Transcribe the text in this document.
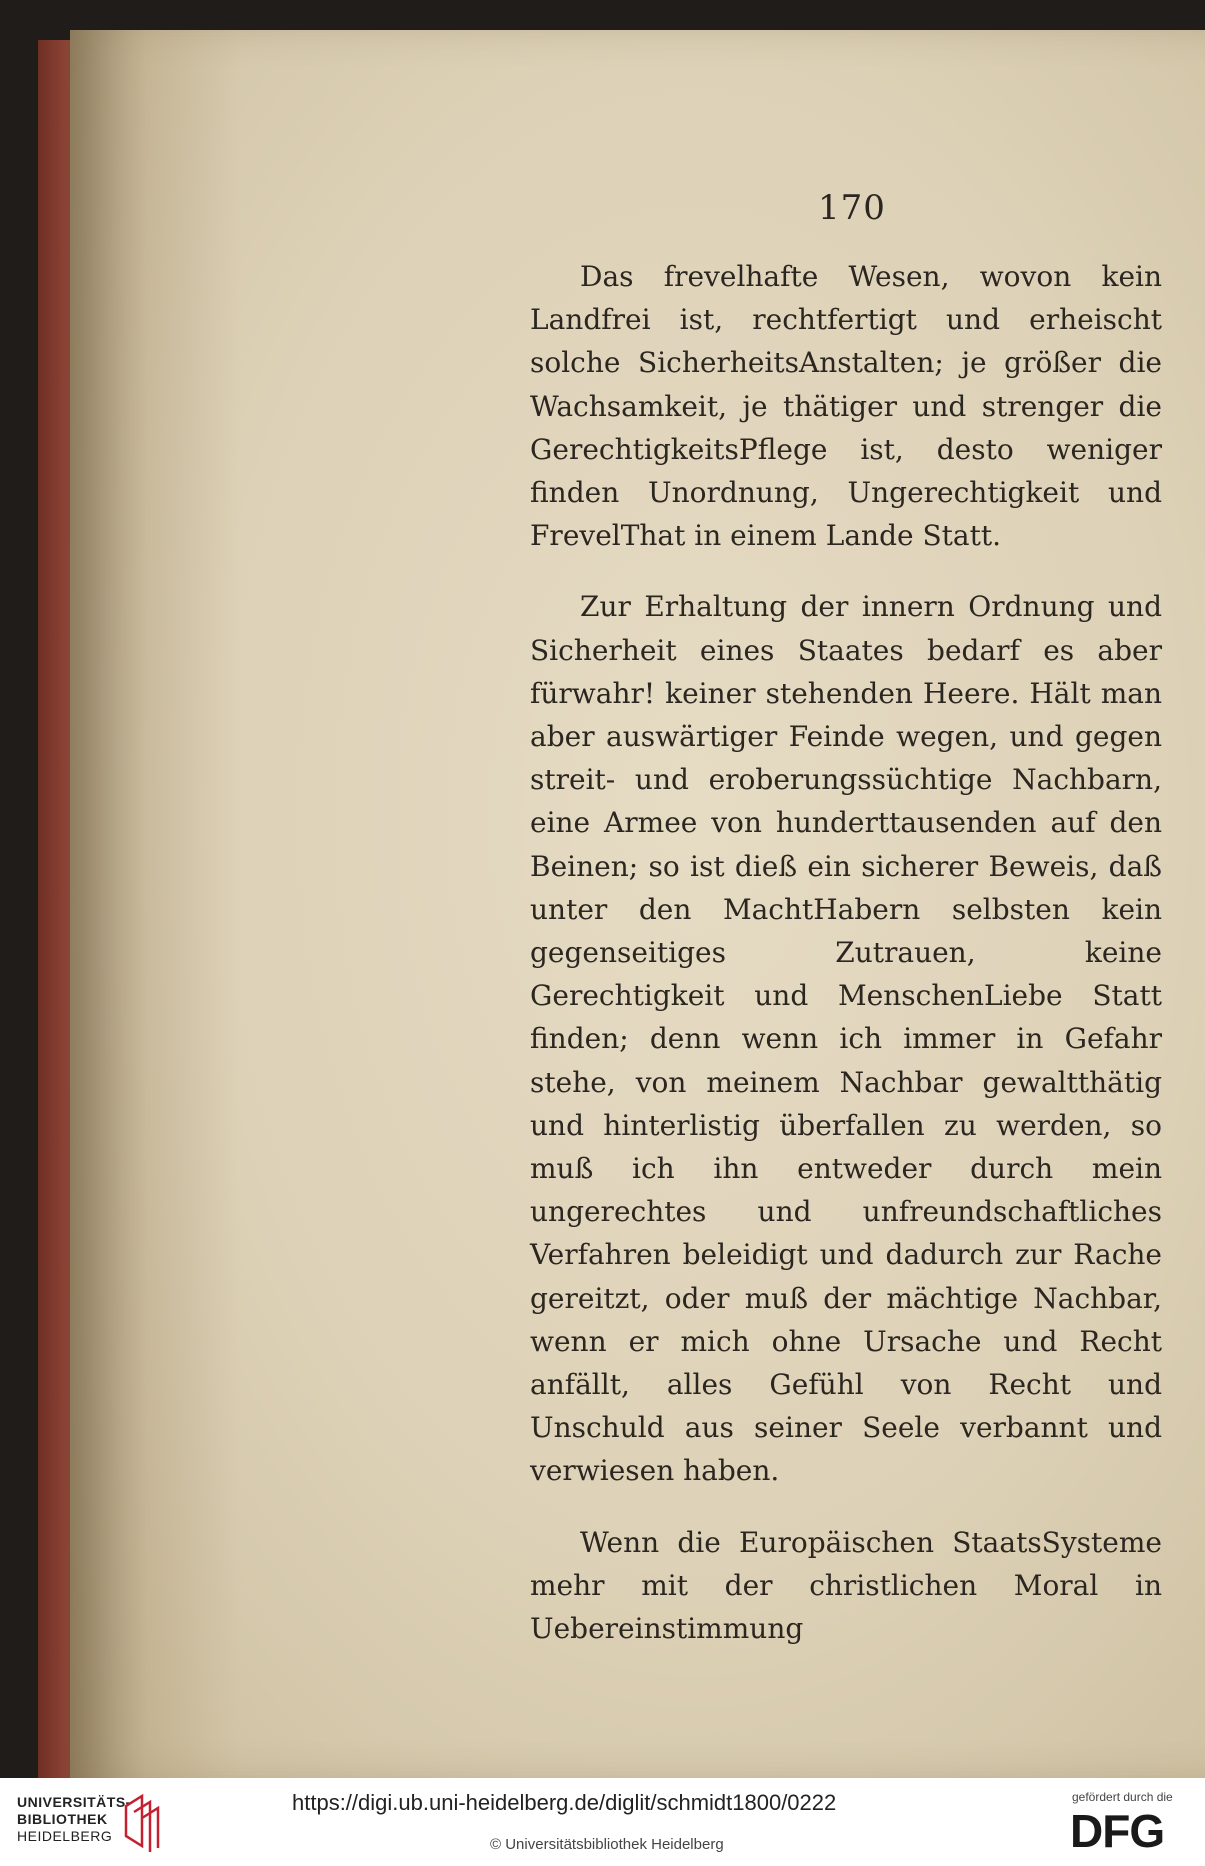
170

Das frevelhafte Wesen, wovon kein Landfrei ist, rechtfertigt und erheischt solche SicherheitsAnstalten; je größer die Wachsamkeit, je thätiger und strenger die GerechtigkeitsPflege ist, desto weniger finden Unordnung, Ungerechtigkeit und FrevelThat in einem Lande Statt.

Zur Erhaltung der innern Ordnung und Sicherheit eines Staates bedarf es aber fürwahr! keiner stehenden Heere. Hält man aber auswärtiger Feinde wegen, und gegen streit- und eroberungssüchtige Nachbarn, eine Armee von hunderttausenden auf den Beinen; so ist dieß ein sicherer Beweis, daß unter den MachtHabern selbsten kein gegenseitiges Zutrauen, keine Gerechtigkeit und MenschenLiebe Statt finden; denn wenn ich immer in Gefahr stehe, von meinem Nachbar gewaltthätig und hinterlistig überfallen zu werden, so muß ich ihn entweder durch mein ungerechtes und unfreundschaftliches Verfahren beleidigt und dadurch zur Rache gereitzt, oder muß der mächtige Nachbar, wenn er mich ohne Ursache und Recht anfällt, alles Gefühl von Recht und Unschuld aus seiner Seele verbannt und verwiesen haben.

Wenn die Europäischen StaatsSysteme mehr mit der christlichen Moral in Uebereinstimmung

UNIVERSITÄTS-
BIBLIOTHEK
HEIDELBERG
https://digi.ub.uni-heidelberg.de/diglit/schmidt1800/0222
© Universitätsbibliothek Heidelberg
gefördert durch die
DFG
